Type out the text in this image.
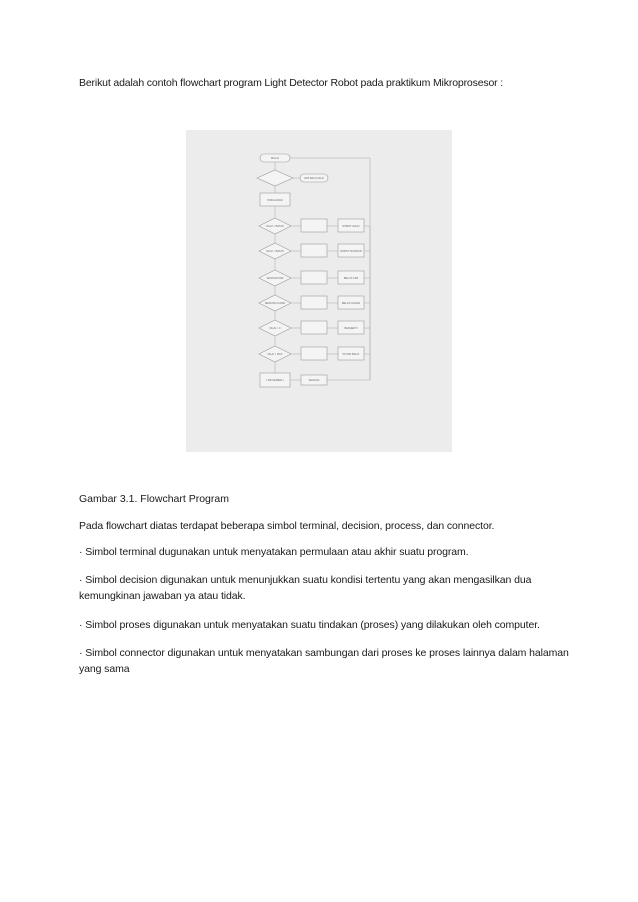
Berikut adalah contoh flowchart program Light Detector Robot pada praktikum Mikroprosesor :
MULAI
INISIALISASI
LDR BACA NILAI
NILAI > BATAS	ROBOT MAJU
NILAI < BATAS	ROBOT MUNDUR
SENSOR KIRI	BELOK KIRI
SENSOR KANAN	BELOK KANAN
NILAI = 0	BERHENTI
NILAI = MAX	PUTAR BALIK
LDR KEMBALI	SELESAI
Gambar 3.1. Flowchart Program
Pada flowchart diatas terdapat beberapa simbol terminal, decision, process, dan connector.
· Simbol terminal dugunakan untuk menyatakan permulaan atau akhir suatu program.
· Simbol decision digunakan untuk menunjukkan suatu kondisi tertentu yang akan mengasilkan dua kemungkinan jawaban ya atau tidak.
· Simbol proses digunakan untuk menyatakan suatu tindakan (proses) yang dilakukan oleh computer.
· Simbol connector digunakan untuk menyatakan sambungan dari proses ke proses lainnya dalam halaman yang sama
